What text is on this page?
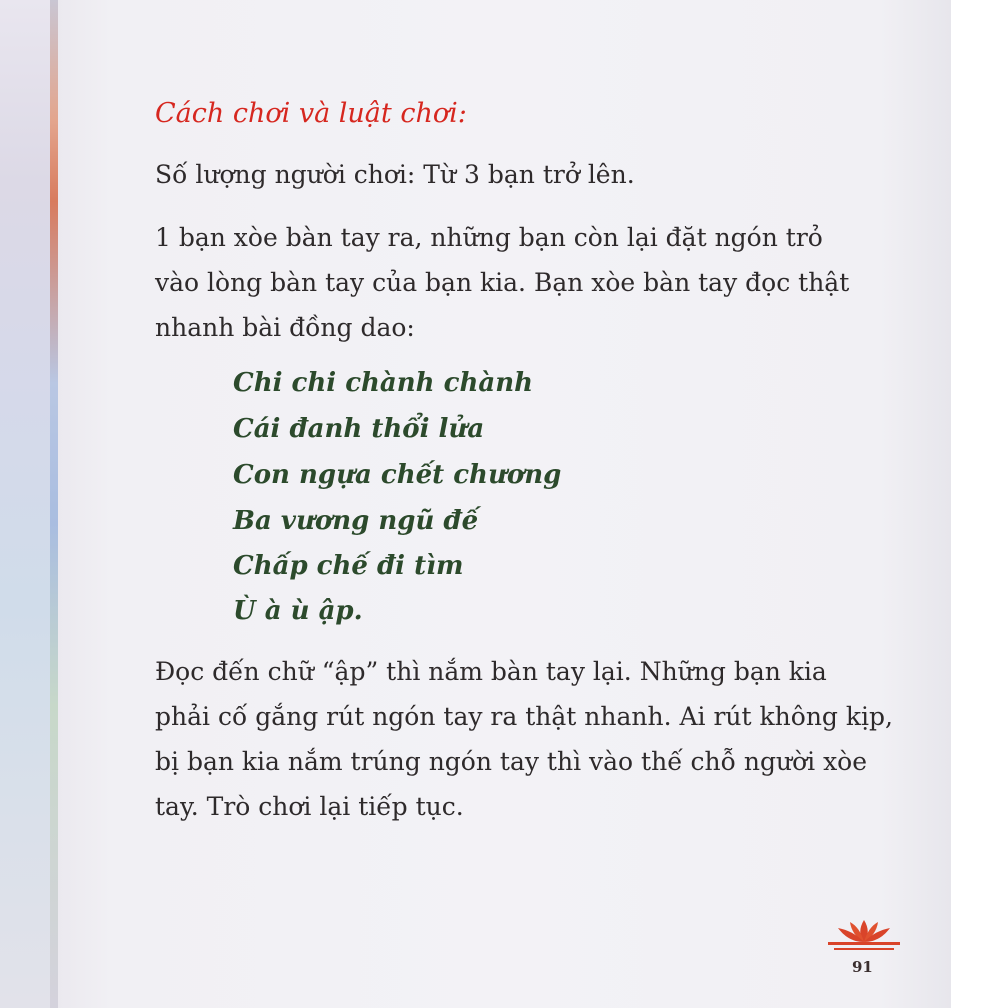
Cách chơi và luật chơi:
Số lượng người chơi: Từ 3 bạn trở lên.
1 bạn xòe bàn tay ra, những bạn còn lại đặt ngón trỏ
vào lòng bàn tay của bạn kia. Bạn xòe bàn tay đọc thật
nhanh bài đồng dao:
Chi chi chành chành
Cái đanh thổi lửa
Con ngựa chết chương
Ba vương ngũ đế
Chấp chế đi tìm
Ù à ù ập.
Đọc đến chữ “ập” thì nắm bàn tay lại. Những bạn kia
phải cố gắng rút ngón tay ra thật nhanh. Ai rút không kịp,
bị bạn kia nắm trúng ngón tay thì vào thế chỗ người xòe
tay. Trò chơi lại tiếp tục.
91
